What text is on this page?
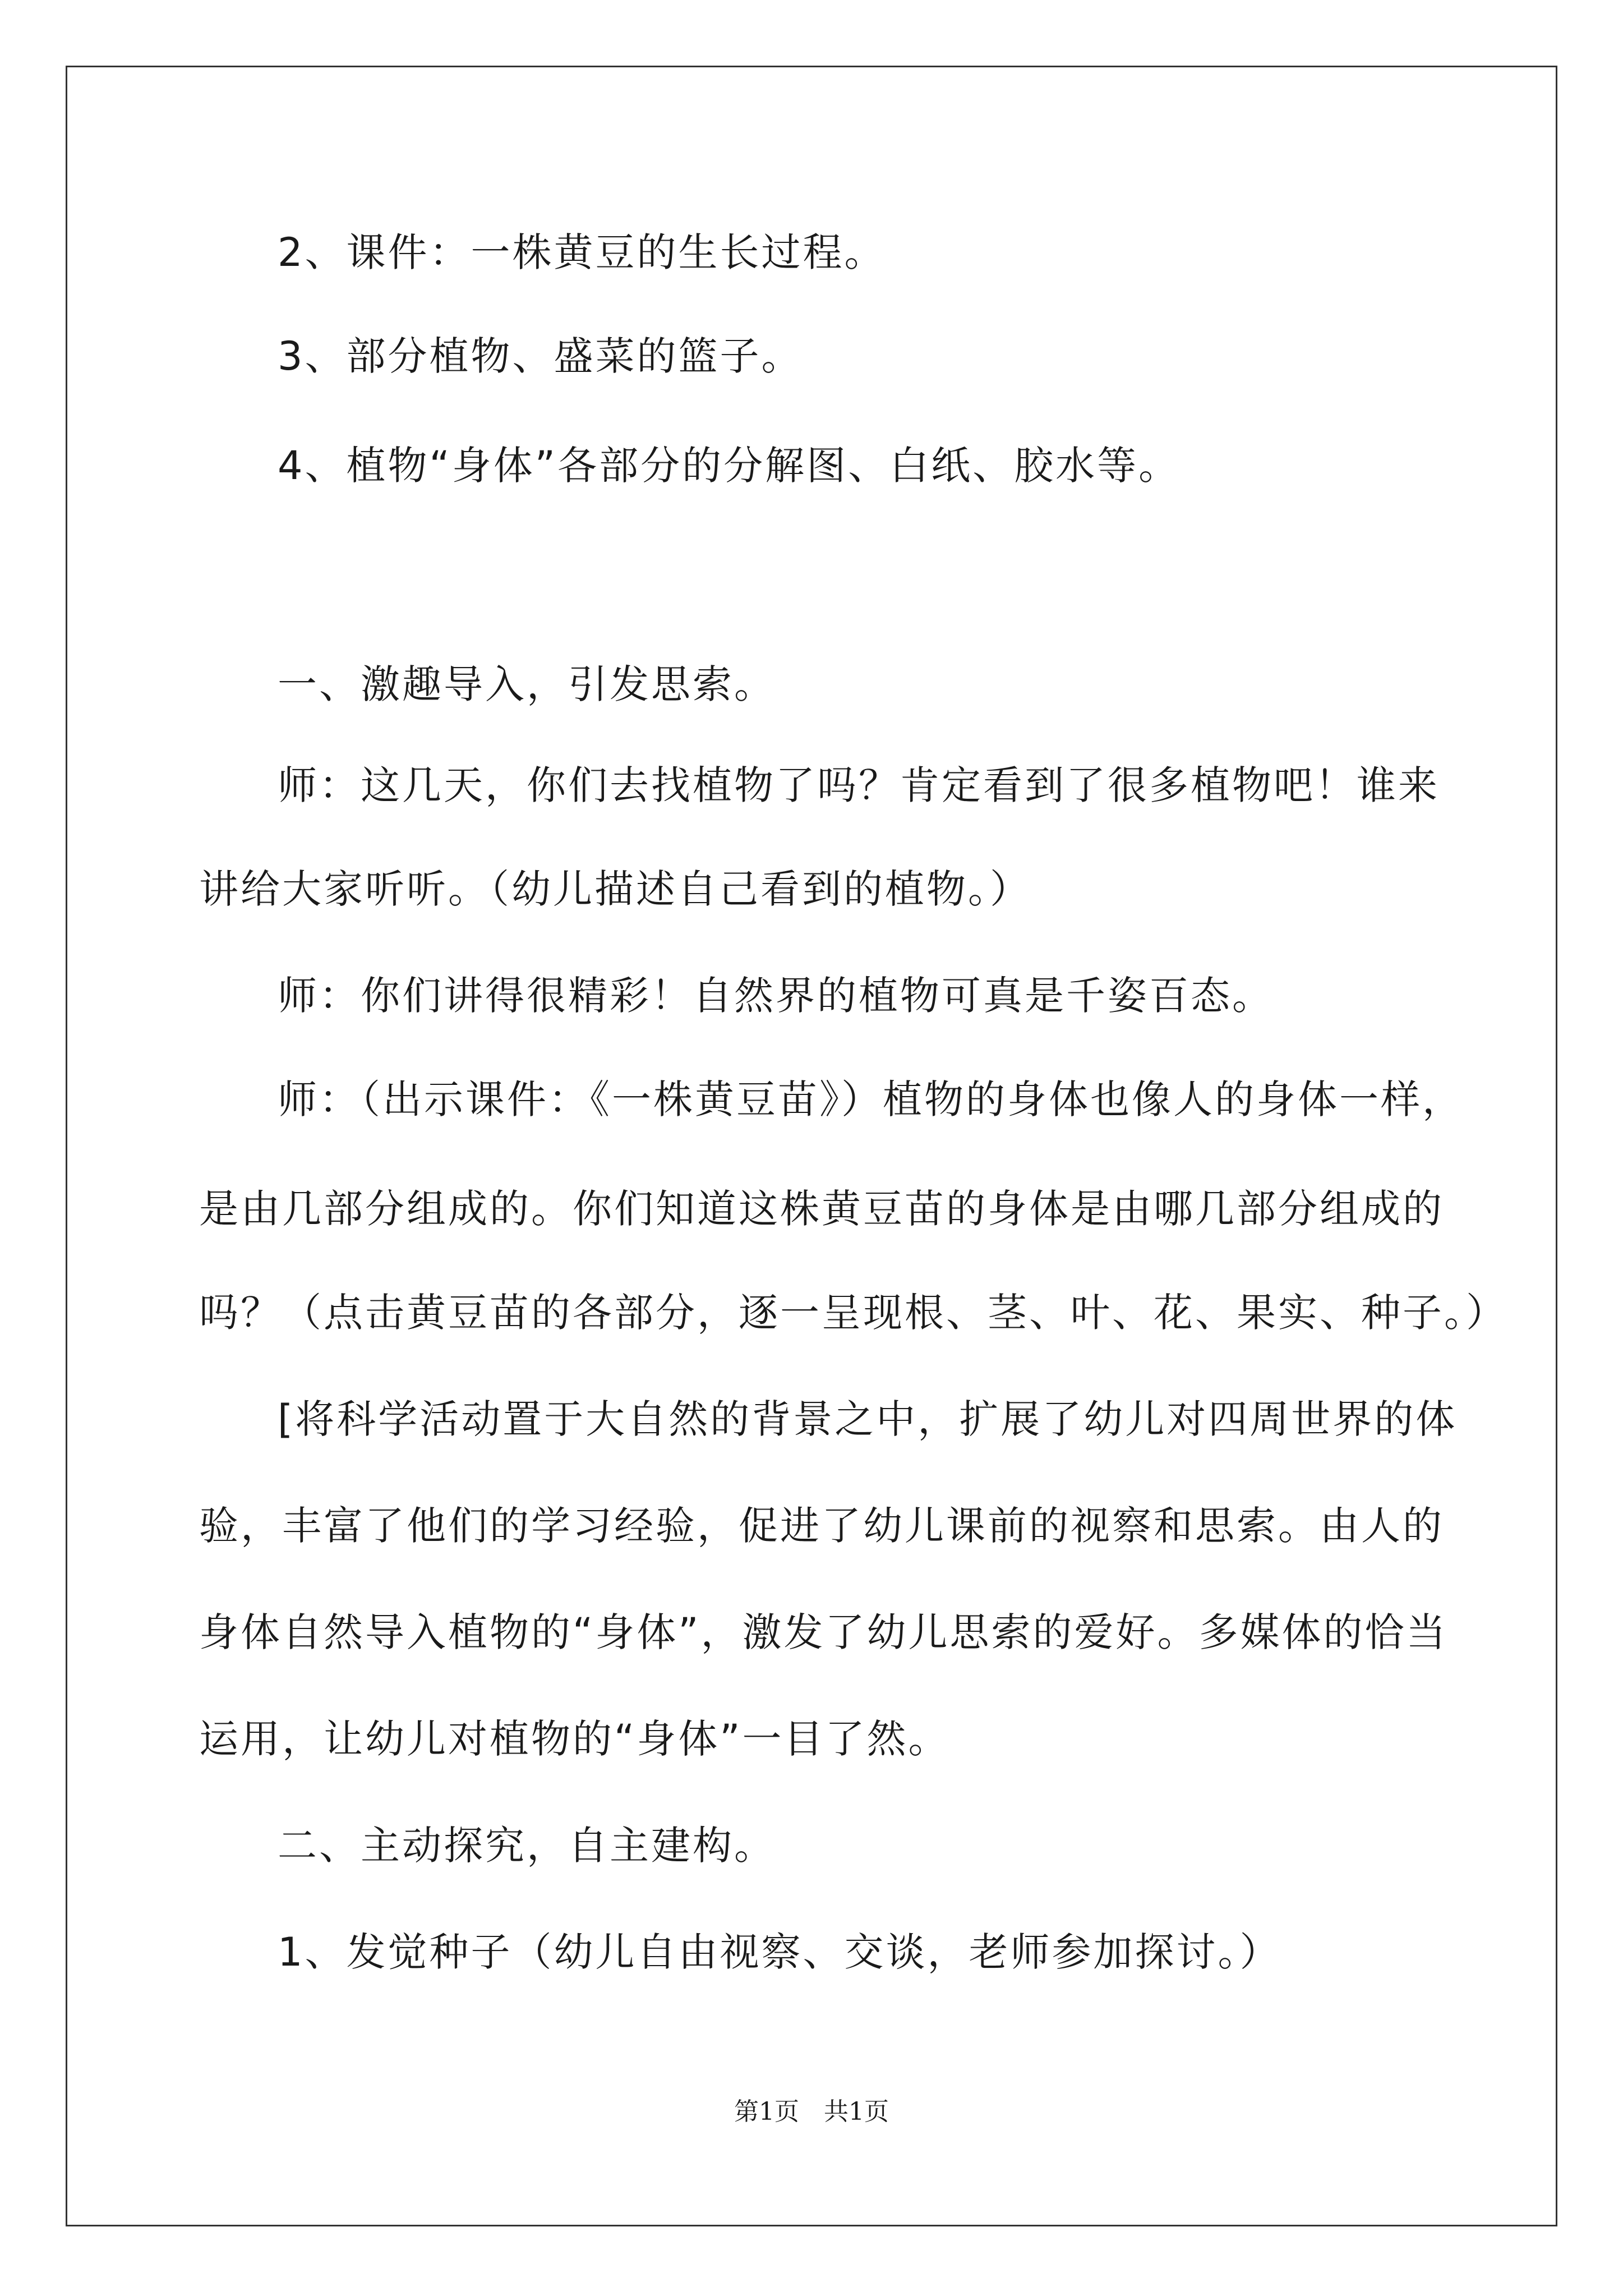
2、课件：一株黄豆的生长过程。
3、部分植物、盛菜的篮子。
4、植物“身体”各部分的分解图、白纸、胶水等。
一、激趣导入，引发思索。
师：这几天，你们去找植物了吗？肯定看到了很多植物吧！谁来
讲给大家听听。（幼儿描述自己看到的植物。）
师：你们讲得很精彩！自然界的植物可真是千姿百态。
师：（出示课件：《一株黄豆苗》）植物的身体也像人的身体一样，
是由几部分组成的。你们知道这株黄豆苗的身体是由哪几部分组成的
吗？（点击黄豆苗的各部分，逐一呈现根、茎、叶、花、果实、种子。）
[将科学活动置于大自然的背景之中，扩展了幼儿对四周世界的体
验，丰富了他们的学习经验，促进了幼儿课前的视察和思索。由人的
身体自然导入植物的“身体”，激发了幼儿思索的爱好。多媒体的恰当
运用，让幼儿对植物的“身体”一目了然。
二、主动探究，自主建构。
1、发觉种子（幼儿自由视察、交谈，老师参加探讨。）
第1页　共1页
